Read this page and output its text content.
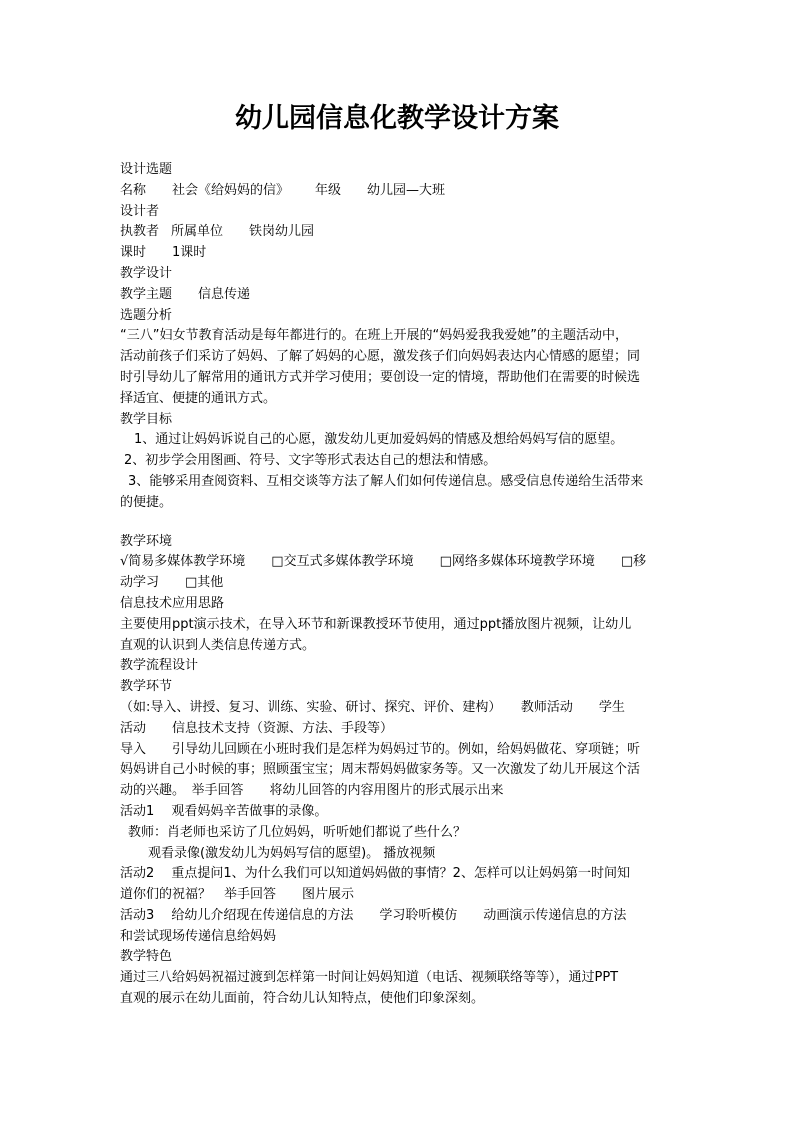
幼儿园信息化教学设计方案
设计选题
名称 社会《给妈妈的信》 年级 幼儿园—大班
设计者
执教者 所属单位 铁岗幼儿园
课时 1课时
教学设计
教学主题 信息传递
选题分析
“三八”妇女节教育活动是每年都进行的。在班上开展的“妈妈爱我我爱她”的主题活动中，
活动前孩子们采访了妈妈、了解了妈妈的心愿，激发孩子们向妈妈表达内心情感的愿望；同
时引导幼儿了解常用的通讯方式并学习使用；要创设一定的情境，帮助他们在需要的时候选
择适宜、便捷的通讯方式。
教学目标
1、通过让妈妈诉说自己的心愿，激发幼儿更加爱妈妈的情感及想给妈妈写信的愿望。
2、初步学会用图画、符号、文字等形式表达自己的想法和情感。
3、能够采用查阅资料、互相交谈等方法了解人们如何传递信息。感受信息传递给生活带来
的便捷。
教学环境
√简易多媒体教学环境　　□交互式多媒体教学环境　　□网络多媒体环境教学环境　　□移
动学习　　□其他
信息技术应用思路
主要使用ppt演示技术，在导入环节和新课教授环节使用，通过ppt播放图片视频，让幼儿
直观的认识到人类信息传递方式。
教学流程设计
教学环节
（如:导入、讲授、复习、训练、实验、研讨、探究、评价、建构）　　教师活动　　学生
活动　　信息技术支持（资源、方法、手段等）
导入　　引导幼儿回顾在小班时我们是怎样为妈妈过节的。例如，给妈妈做花、穿项链；听
妈妈讲自己小时候的事；照顾蛋宝宝；周末帮妈妈做家务等。又一次激发了幼儿开展这个活
动的兴趣。　举手回答　　将幼儿回答的内容用图片的形式展示出来
活动1　 观看妈妈辛苦做事的录像。
教师：肖老师也采访了几位妈妈，听听她们都说了些什么？
观看录像(激发幼儿为妈妈写信的愿望)。 播放视频
活动2　 重点提问1、为什么我们可以知道妈妈做的事情？2、怎样可以让妈妈第一时间知
道你们的祝福？　举手回答　　图片展示
活动3　 给幼儿介绍现在传递信息的方法　　学习聆听模仿　　动画演示传递信息的方法
和尝试现场传递信息给妈妈
教学特色
通过三八给妈妈祝福过渡到怎样第一时间让妈妈知道（电话、视频联络等等），通过PPT
直观的展示在幼儿面前，符合幼儿认知特点，使他们印象深刻。
